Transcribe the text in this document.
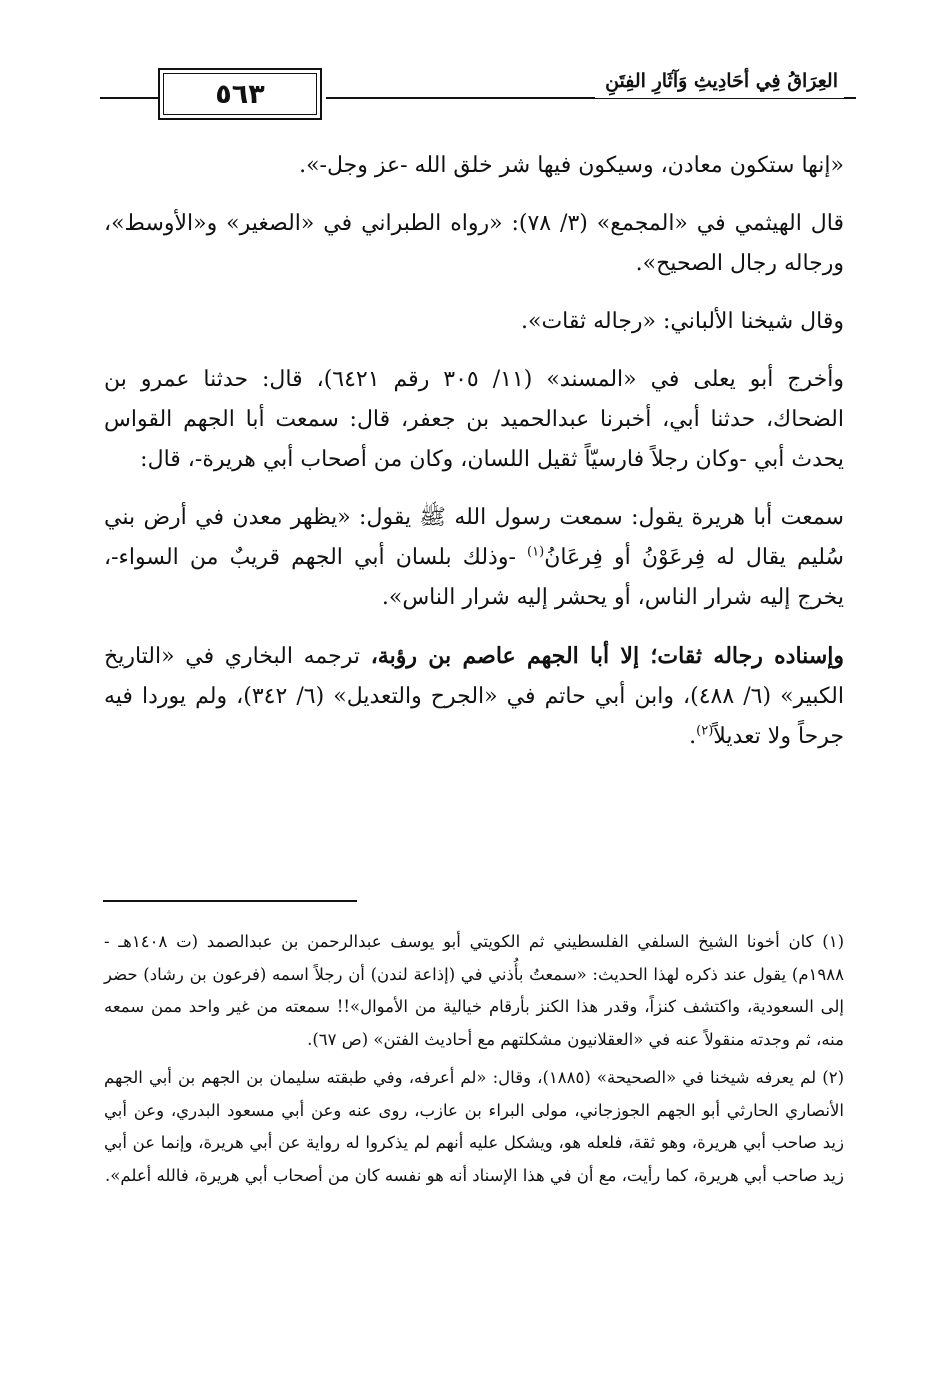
٥٦٣	العِرَاقُ فِي أحَادِيثِ وَآثَارِ الفِتَنِ

«إنها ستكون معادن، وسيكون فيها شر خلق الله -عز وجل-».

قال الهيثمي في «المجمع» (٣/ ٧٨): «رواه الطبراني في «الصغير» و«الأوسط»، ورجاله رجال الصحيح».

وقال شيخنا الألباني: «رجاله ثقات».

وأخرج أبو يعلى في «المسند» (١١/ ٣٠٥ رقم ٦٤٢١)، قال: حدثنا عمرو بن الضحاك، حدثنا أبي، أخبرنا عبدالحميد بن جعفر، قال: سمعت أبا الجهم القواس يحدث أبي -وكان رجلاً فارسيّاً ثقيل اللسان، وكان من أصحاب أبي هريرة-، قال:

سمعت أبا هريرة يقول: سمعت رسول الله ﷺ يقول: «يظهر معدن في أرض بني سُليم يقال له فِرعَوْنُ أو فِرعَانُ$^{(١)}$ -وذلك بلسان أبي الجهم قريبٌ من السواء-، يخرج إليه شرار الناس، أو يحشر إليه شرار الناس».

وإسناده رجاله ثقات؛ إلا أبا الجهم عاصم بن رؤبة، ترجمه البخاري في «التاريخ الكبير» (٦/ ٤٨٨)، وابن أبي حاتم في «الجرح والتعديل» (٦/ ٣٤٢)، ولم يوردا فيه جرحاً ولا تعديلاً$^{(٢)}$.

(١) كان أخونا الشيخ السلفي الفلسطيني ثم الكويتي أبو يوسف عبدالرحمن بن عبدالصمد (ت ١٤٠٨هـ - ١٩٨٨م) يقول عند ذكره لهذا الحديث: «سمعتُ بأُذني في (إذاعة لندن) أن رجلاً اسمه (فرعون بن رشاد) حضر إلى السعودية، واكتشف كنزاً، وقدر هذا الكنز بأرقام خيالية من الأموال»!! سمعته من غير واحد ممن سمعه منه، ثم وجدته منقولاً عنه في «العقلانيون مشكلتهم مع أحاديث الفتن» (ص ٦٧).

(٢) لم يعرفه شيخنا في «الصحيحة» (١٨٨٥)، وقال: «لم أعرفه، وفي طبقته سليمان بن الجهم بن أبي الجهم الأنصاري الحارثي أبو الجهم الجوزجاني، مولى البراء بن عازب، روى عنه وعن أبي مسعود البدري، وعن أبي زيد صاحب أبي هريرة، وهو ثقة، فلعله هو، ويشكل عليه أنهم لم يذكروا له رواية عن أبي هريرة، وإنما عن أبي زيد صاحب أبي هريرة، كما رأيت، مع أن في هذا الإسناد أنه هو نفسه كان من أصحاب أبي هريرة، فالله أعلم».
